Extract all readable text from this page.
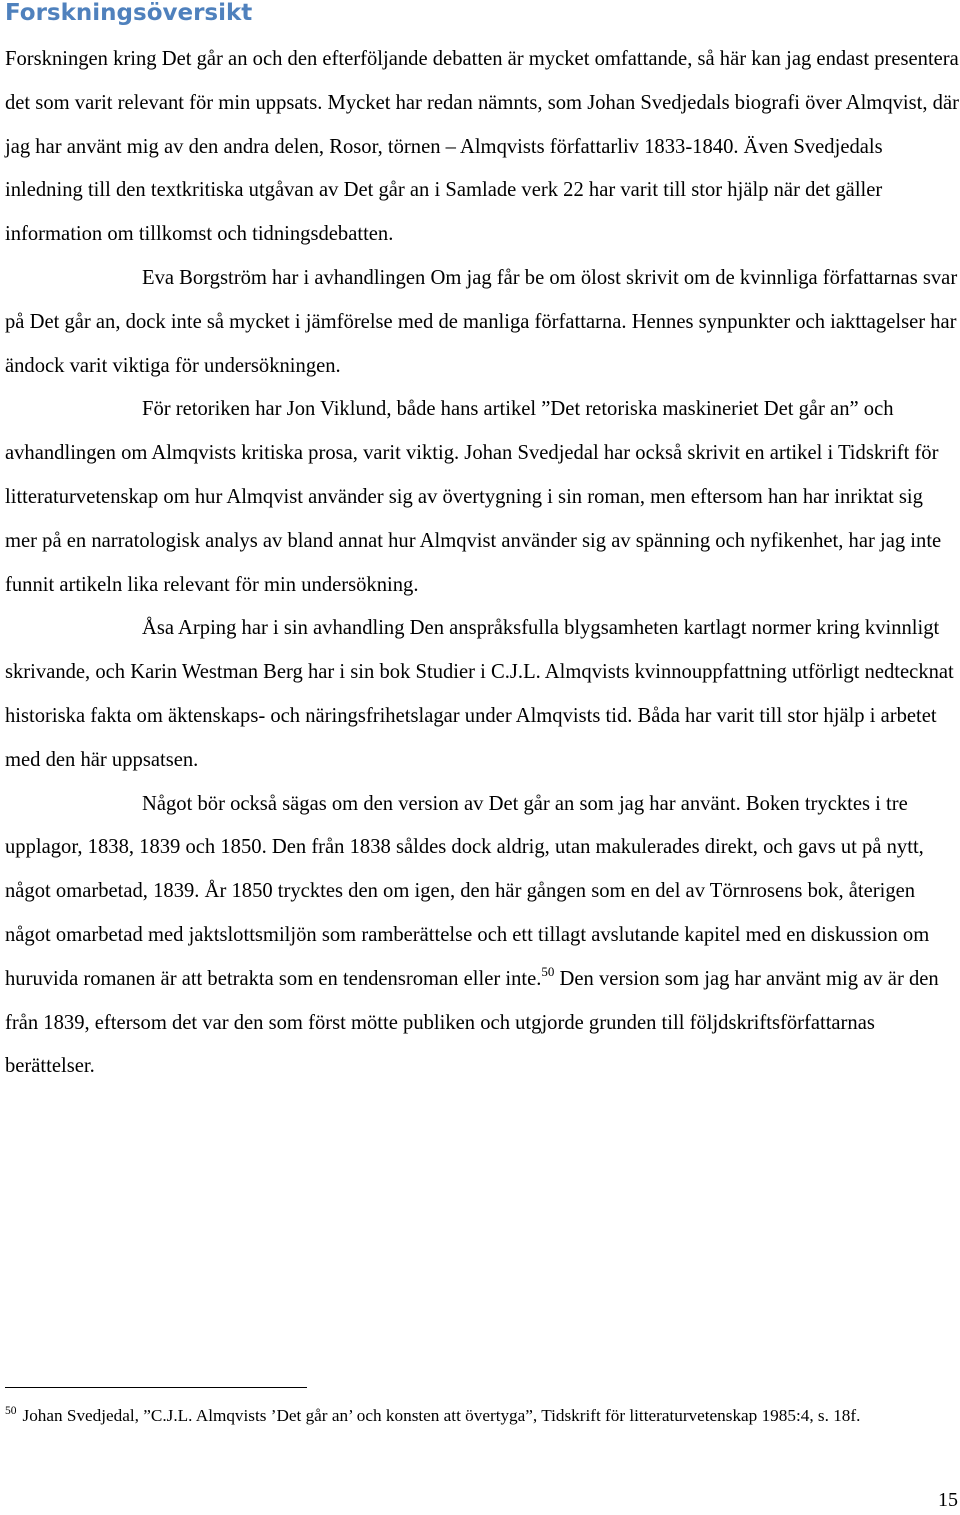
Forskningsöversikt

Forskningen kring Det går an och den efterföljande debatten är mycket omfattande, så här kan jag endast presentera det som varit relevant för min uppsats. Mycket har redan nämnts, som Johan Svedjedals biografi över Almqvist, där jag har använt mig av den andra delen, Rosor, törnen – Almqvists författarliv 1833-1840. Även Svedjedals inledning till den textkritiska utgåvan av Det går an i Samlade verk 22 har varit till stor hjälp när det gäller information om tillkomst och tidningsdebatten.

Eva Borgström har i avhandlingen Om jag får be om ölost skrivit om de kvinnliga författarnas svar på Det går an, dock inte så mycket i jämförelse med de manliga författarna. Hennes synpunkter och iakttagelser har ändock varit viktiga för undersökningen.

För retoriken har Jon Viklund, både hans artikel ”Det retoriska maskineriet Det går an” och avhandlingen om Almqvists kritiska prosa, varit viktig. Johan Svedjedal har också skrivit en artikel i Tidskrift för litteraturvetenskap om hur Almqvist använder sig av övertygning i sin roman, men eftersom han har inriktat sig mer på en narratologisk analys av bland annat hur Almqvist använder sig av spänning och nyfikenhet, har jag inte funnit artikeln lika relevant för min undersökning.

Åsa Arping har i sin avhandling Den anspråksfulla blygsamheten kartlagt normer kring kvinnligt skrivande, och Karin Westman Berg har i sin bok Studier i C.J.L. Almqvists kvinnouppfattning utförligt nedtecknat historiska fakta om äktenskaps- och näringsfrihetslagar under Almqvists tid. Båda har varit till stor hjälp i arbetet med den här uppsatsen.

Något bör också sägas om den version av Det går an som jag har använt. Boken trycktes i tre upplagor, 1838, 1839 och 1850. Den från 1838 såldes dock aldrig, utan makulerades direkt, och gavs ut på nytt, något omarbetad, 1839. År 1850 trycktes den om igen, den här gången som en del av Törnrosens bok, återigen något omarbetad med jaktslottsmiljön som ramberättelse och ett tillagt avslutande kapitel med en diskussion om huruvida romanen är att betrakta som en tendensroman eller inte.$^{50}$ Den version som jag har använt mig av är den från 1839, eftersom det var den som först mötte publiken och utgjorde grunden till följdskriftsförfattarnas berättelser.

$^{50}$ Johan Svedjedal, ”C.J.L. Almqvists ’Det går an’ och konsten att övertyga”, Tidskrift för litteraturvetenskap 1985:4, s. 18f.

15
